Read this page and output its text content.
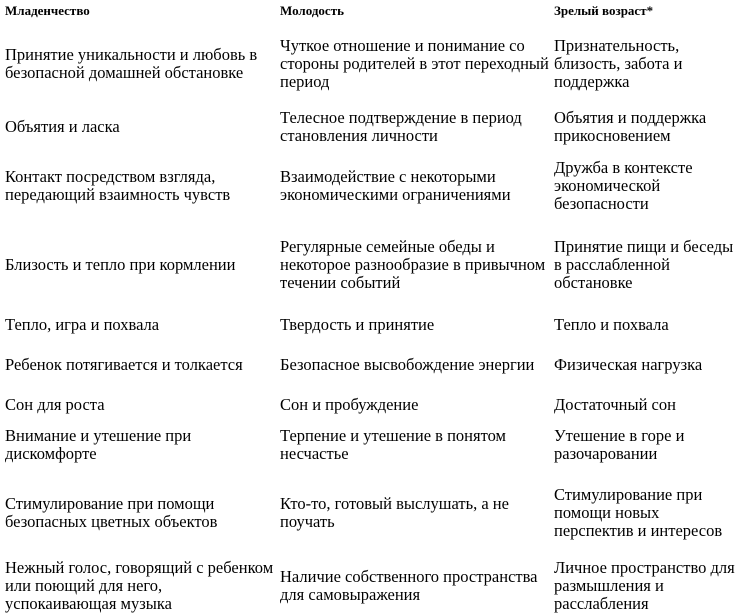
Младенчество	Молодость	Зрелый возраст*
Принятие уникальности и любовь в безопасной домашней обстановке	Чуткое отношение и понимание со стороны родителей в этот переходный период	Признательность, близость, забота и поддержка
Объятия и ласка	Телесное подтверждение в период становления личности	Объятия и поддержка прикосновением
Контакт посредством взгляда, передающий взаимность чувств	Взаимодействие с некоторыми экономическими ограничениями	Дружба в контексте экономической безопасности
Близость и тепло при кормлении	Регулярные семейные обеды и некоторое разнообразие в привычном течении событий	Принятие пищи и беседы в расслабленной обстановке
Тепло, игра и похвала	Твердость и принятие	Тепло и похвала
Ребенок потягивается и толкается	Безопасное высвобождение энергии	Физическая нагрузка
Сон для роста	Сон и пробуждение	Достаточный сон
Внимание и утешение при дискомфорте	Терпение и утешение в понятом несчастье	Утешение в горе и разочаровании
Стимулирование при помощи безопасных цветных объектов	Кто-то, готовый выслушать, а не поучать	Стимулирование при помощи новых перспектив и интересов
Нежный голос, говорящий с ребенком или поющий для него, успокаивающая музыка	Наличие собственного пространства для самовыражения	Личное пространство для размышления и расслабления
